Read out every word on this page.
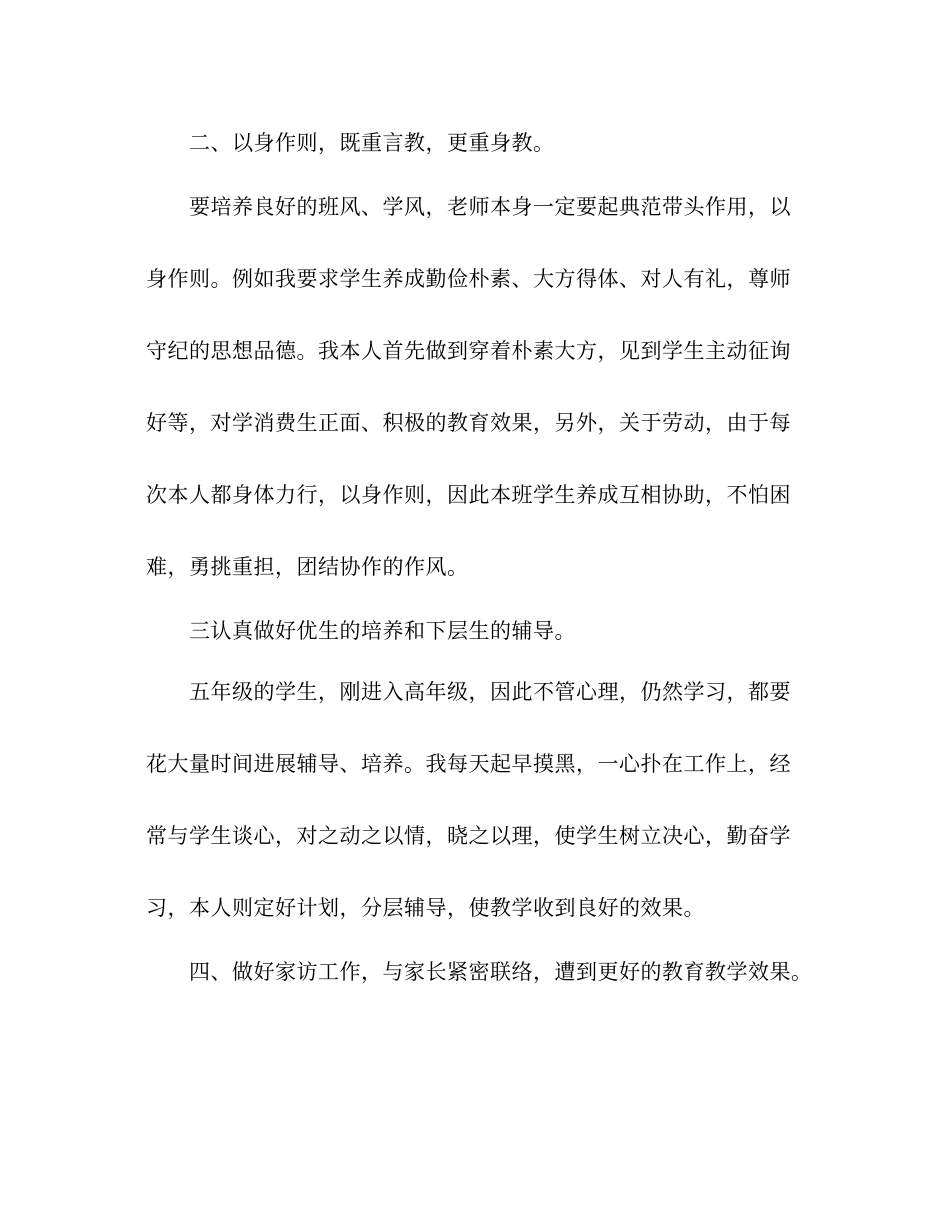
二、以身作则，既重言教，更重身教。
要培养良好的班风、学风，老师本身一定要起典范带头作用，以
身作则。例如我要求学生养成勤俭朴素、大方得体、对人有礼，尊师
守纪的思想品德。我本人首先做到穿着朴素大方，见到学生主动征询
好等，对学消费生正面、积极的教育效果，另外，关于劳动，由于每
次本人都身体力行，以身作则，因此本班学生养成互相协助，不怕困
难，勇挑重担，团结协作的作风。
三认真做好优生的培养和下层生的辅导。
五年级的学生，刚进入高年级，因此不管心理，仍然学习，都要
花大量时间进展辅导、培养。我每天起早摸黑，一心扑在工作上，经
常与学生谈心，对之动之以情，晓之以理，使学生树立决心，勤奋学
习，本人则定好计划，分层辅导，使教学收到良好的效果。
四、做好家访工作，与家长紧密联络，遭到更好的教育教学效果。
